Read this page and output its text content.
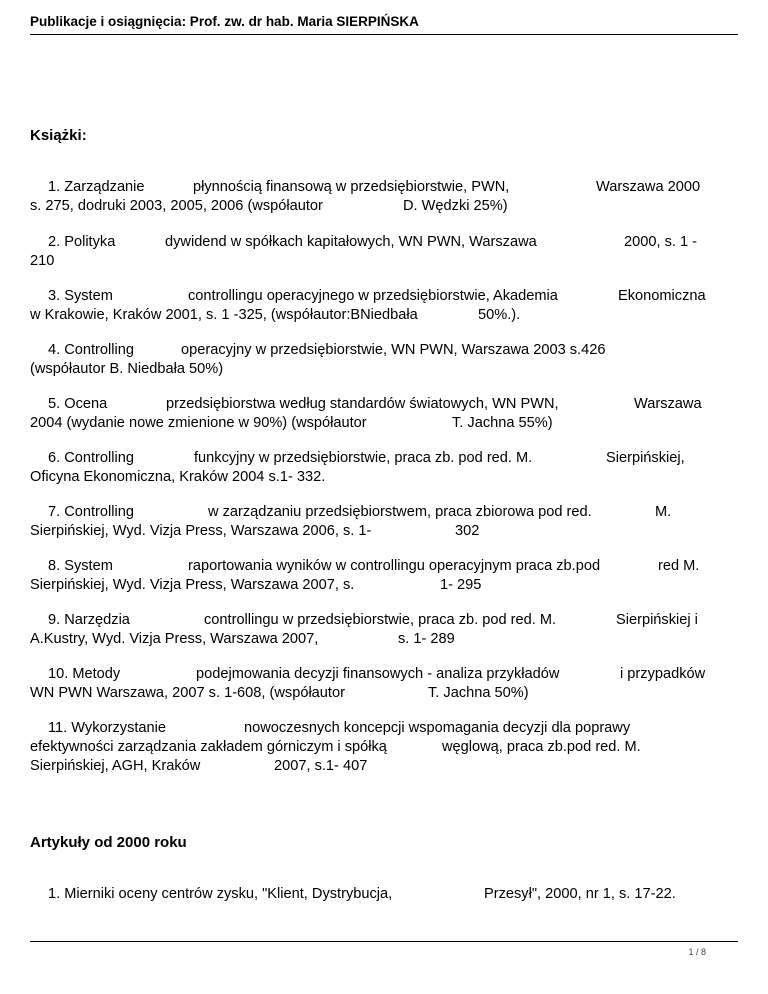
Publikacje i osiągnięcia: Prof. zw. dr hab. Maria SIERPIŃSKA
Książki:
1. Zarządzanie	płynnością finansową w przedsiębiorstwie, PWN,	Warszawa 2000
s. 275, dodruki 2003, 2005, 2006 (współautor	D. Wędzki 25%)
2. Polityka	dywidend w spółkach kapitałowych, WN PWN, Warszawa	2000, s. 1 -
210
3. System	controllingu operacyjnego w przedsiębiorstwie, Akademia	Ekonomiczna
w Krakowie, Kraków 2001, s. 1 -325, (współautor:BNiedbała	50%.).
4. Controlling	operacyjny w przedsiębiorstwie, WN PWN, Warszawa 2003 s.426
(współautor B. Niedbała 50%)
5. Ocena	przedsiębiorstwa według standardów światowych, WN PWN,	Warszawa
2004 (wydanie nowe zmienione w 90%) (współautor	T. Jachna 55%)
6. Controlling	funkcyjny w przedsiębiorstwie, praca zb. pod red. M.	Sierpińskiej,
Oficyna Ekonomiczna, Kraków 2004 s.1- 332.
7. Controlling	w zarządzaniu przedsiębiorstwem, praca zbiorowa pod red.	M.
Sierpińskiej, Wyd. Vizja Press, Warszawa 2006, s. 1-	302
8. System	raportowania wyników w controllingu operacyjnym praca zb.pod	red M.
Sierpińskiej, Wyd. Vizja Press, Warszawa 2007, s.	1- 295
9. Narzędzia	controllingu w przedsiębiorstwie, praca zb. pod red. M.	Sierpińskiej i
A.Kustry, Wyd. Vizja Press, Warszawa 2007,	s. 1- 289
10. Metody	podejmowania decyzji finansowych - analiza przykładów	i przypadków
WN PWN Warszawa, 2007 s. 1-608, (współautor	T. Jachna 50%)
11. Wykorzystanie	nowoczesnych koncepcji wspomagania decyzji dla poprawy
efektywności zarządzania zakładem górniczym i spółką	węglową, praca zb.pod red. M.
Sierpińskiej, AGH, Kraków	2007, s.1- 407
Artykuły od 2000 roku
1. Mierniki oceny centrów zysku, "Klient, Dystrybucja,	Przesył", 2000, nr 1, s. 17-22.
1 / 8
